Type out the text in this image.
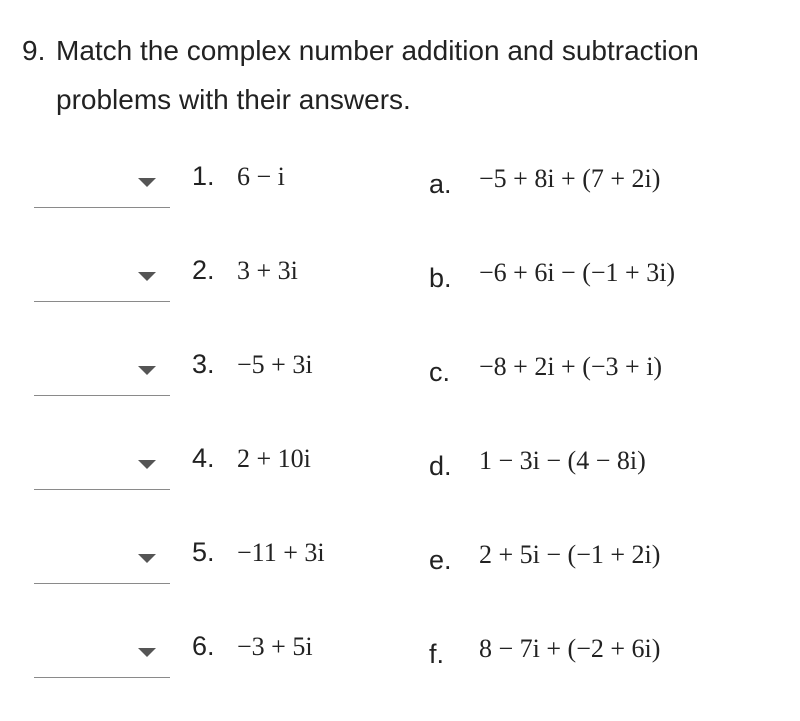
9. Match the complex number addition and subtraction
problems with their answers.
1. 6 − i	a. −5 + 8i + (7 + 2i)
2. 3 + 3i	b. −6 + 6i − (−1 + 3i)
3. −5 + 3i	c. −8 + 2i + (−3 + i)
4. 2 + 10i	d. 1 − 3i − (4 − 8i)
5. −11 + 3i	e. 2 + 5i − (−1 + 2i)
6. −3 + 5i	f. 8 − 7i + (−2 + 6i)
